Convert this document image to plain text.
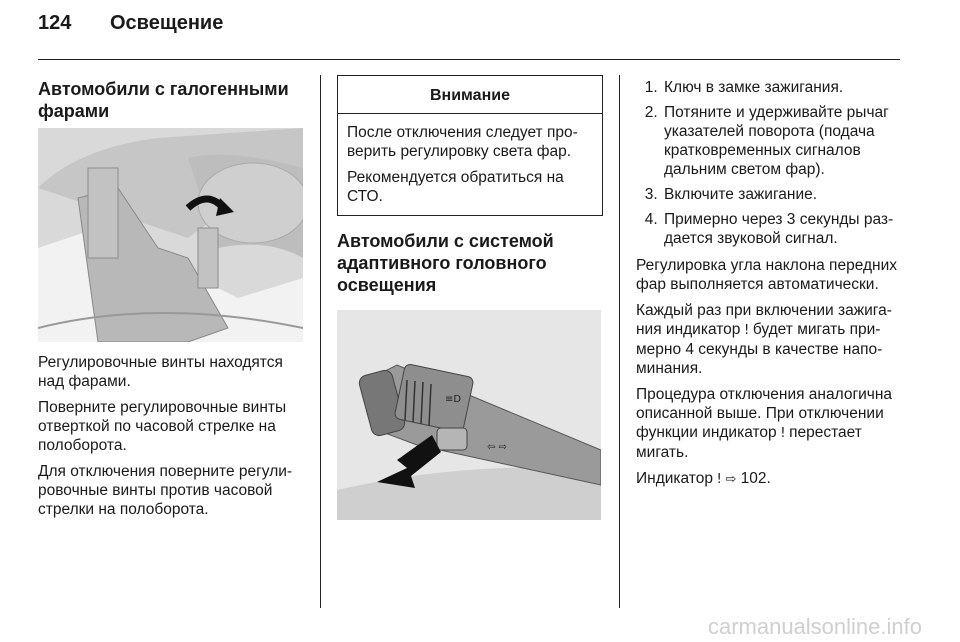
124 Освещение
Автомобили с галогенными фарами

Регулировочные винты находятся над фарами.

Поверните регулировочные винты отверткой по часовой стрелке на полоборота.

Для отключения поверните регулировочные винты против часовой стрелки на полоборота.

Внимание

После отключения следует проверить регулировку света фар.

Рекомендуется обратиться на СТО.

Автомобили с системой адаптивного головного освещения
≡D
⇦ ⇨
1. Ключ в замке зажигания.
2. Потяните и удерживайте рычаг указателей поворота (подача кратковременных сигналов дальним светом фар).
3. Включите зажигание.
4. Примерно через 3 секунды раздается звуковой сигнал.

Регулировка угла наклона передних фар выполняется автоматически.

Каждый раз при включении зажигания индикатор ǃ будет мигать примерно 4 секунды в качестве напоминания.

Процедура отключения аналогична описанной выше. При отключении функции индикатор ǃ перестает мигать.

Индикатор ǃ ⇨ 102.

carmanualsonline.info
